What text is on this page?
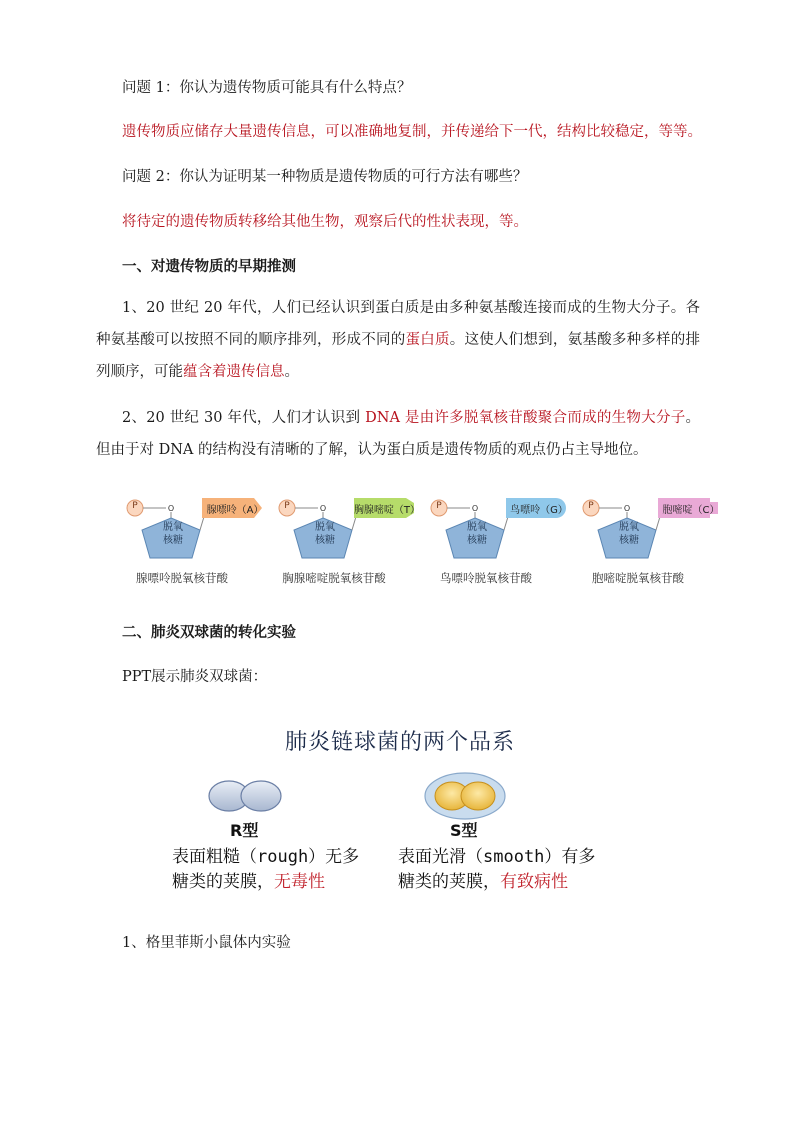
问题 1：你认为遗传物质可能具有什么特点？

遗传物质应储存大量遗传信息，可以准确地复制，并传递给下一代，结构比较稳定，等等。

问题 2：你认为证明某一种物质是遗传物质的可行方法有哪些？

将待定的遗传物质转移给其他生物，观察后代的性状表现，等。

一、对遗传物质的早期推测

1、20 世纪 20 年代，人们已经认识到蛋白质是由多种氨基酸连接而成的生物大分子。各种氨基酸可以按照不同的顺序排列，形成不同的蛋白质。这使人们想到，氨基酸多种多样的排列顺序，可能蕴含着遗传信息。

2、20 世纪 30 年代，人们才认识到 DNA 是由许多脱氧核苷酸聚合而成的生物大分子。但由于对 DNA 的结构没有清晰的了解，认为蛋白质是遗传物质的观点仍占主导地位。

P	O
脱氧
核糖
腺嘌呤（A）
腺嘌呤脱氧核苷酸
P	O
脱氧
核糖
胸腺嘧啶（T）
胸腺嘧啶脱氧核苷酸
P	O
脱氧
核糖
鸟嘌呤（G）
鸟嘌呤脱氧核苷酸
P	O
脱氧
核糖
胞嘧啶（C）
胞嘧啶脱氧核苷酸

二、肺炎双球菌的转化实验

PPT展示肺炎双球菌：

肺炎链球菌的两个品系
R型	S型
表面粗糙（rough）无多
糖类的荚膜，无毒性
表面光滑（smooth）有多
糖类的荚膜，有致病性

1、格里菲斯小鼠体内实验
